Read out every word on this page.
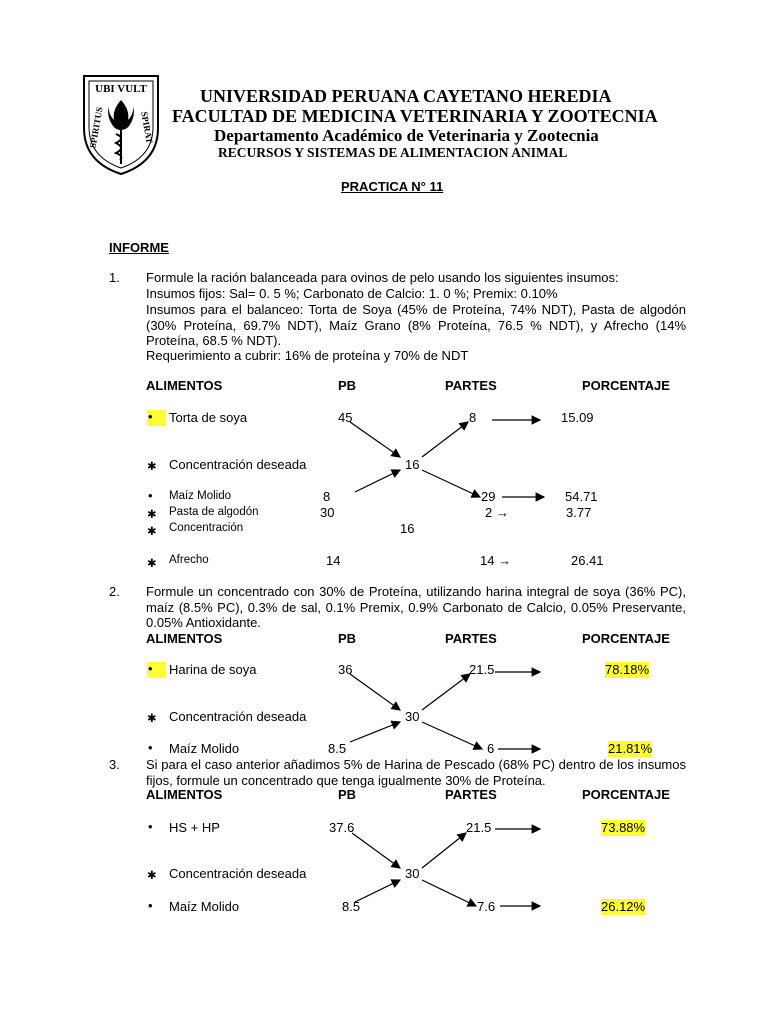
UBI VULT
SPIRITUS	SPIRAT
UNIVERSIDAD PERUANA CAYETANO HEREDIA
FACULTAD DE MEDICINA VETERINARIA Y ZOOTECNIA
Departamento Académico de Veterinaria y Zootecnia
RECURSOS Y SISTEMAS DE ALIMENTACION ANIMAL
PRACTICA N° 11
INFORME
1. Formule la ración balanceada para ovinos de pelo usando los siguientes insumos:
Insumos fijos: Sal= 0. 5 %; Carbonato de Calcio: 1. 0 %; Premix: 0.10%
Insumos para el balanceo: Torta de Soya (45% de Proteína, 74% NDT), Pasta de algodón (30% Proteína, 69.7% NDT), Maíz Grano (8% Proteína, 76.5 % NDT), y Afrecho (14% Proteína, 68.5 % NDT).
Requerimiento a cubrir: 16% de proteína y 70% de NDT
ALIMENTOS	PB	PARTES	PORCENTAJE
• Torta de soya	45	8	15.09
✱ Concentración deseada	16
• Maíz Molido	8	29	54.71
✱ Pasta de algodón	30	2 →	3.77
✱ Concentración	16
✱ Afrecho	14	14 →	26.41
2. Formule un concentrado con 30% de Proteína, utilizando harina integral de soya (36% PC), maíz (8.5% PC), 0.3% de sal, 0.1% Premix, 0.9% Carbonato de Calcio, 0.05% Preservante, 0.05% Antioxidante.
ALIMENTOS	PB	PARTES	PORCENTAJE
• Harina de soya	36	21.5	78.18%
✱ Concentración deseada	30
• Maíz Molido	8.5	6	21.81%
3. Si para el caso anterior añadimos 5% de Harina de Pescado (68% PC) dentro de los insumos fijos, formule un concentrado que tenga igualmente 30% de Proteína.
ALIMENTOS	PB	PARTES	PORCENTAJE
• HS + HP	37.6	21.5	73.88%
✱ Concentración deseada	30
• Maíz Molido	8.5	7.6	26.12%
